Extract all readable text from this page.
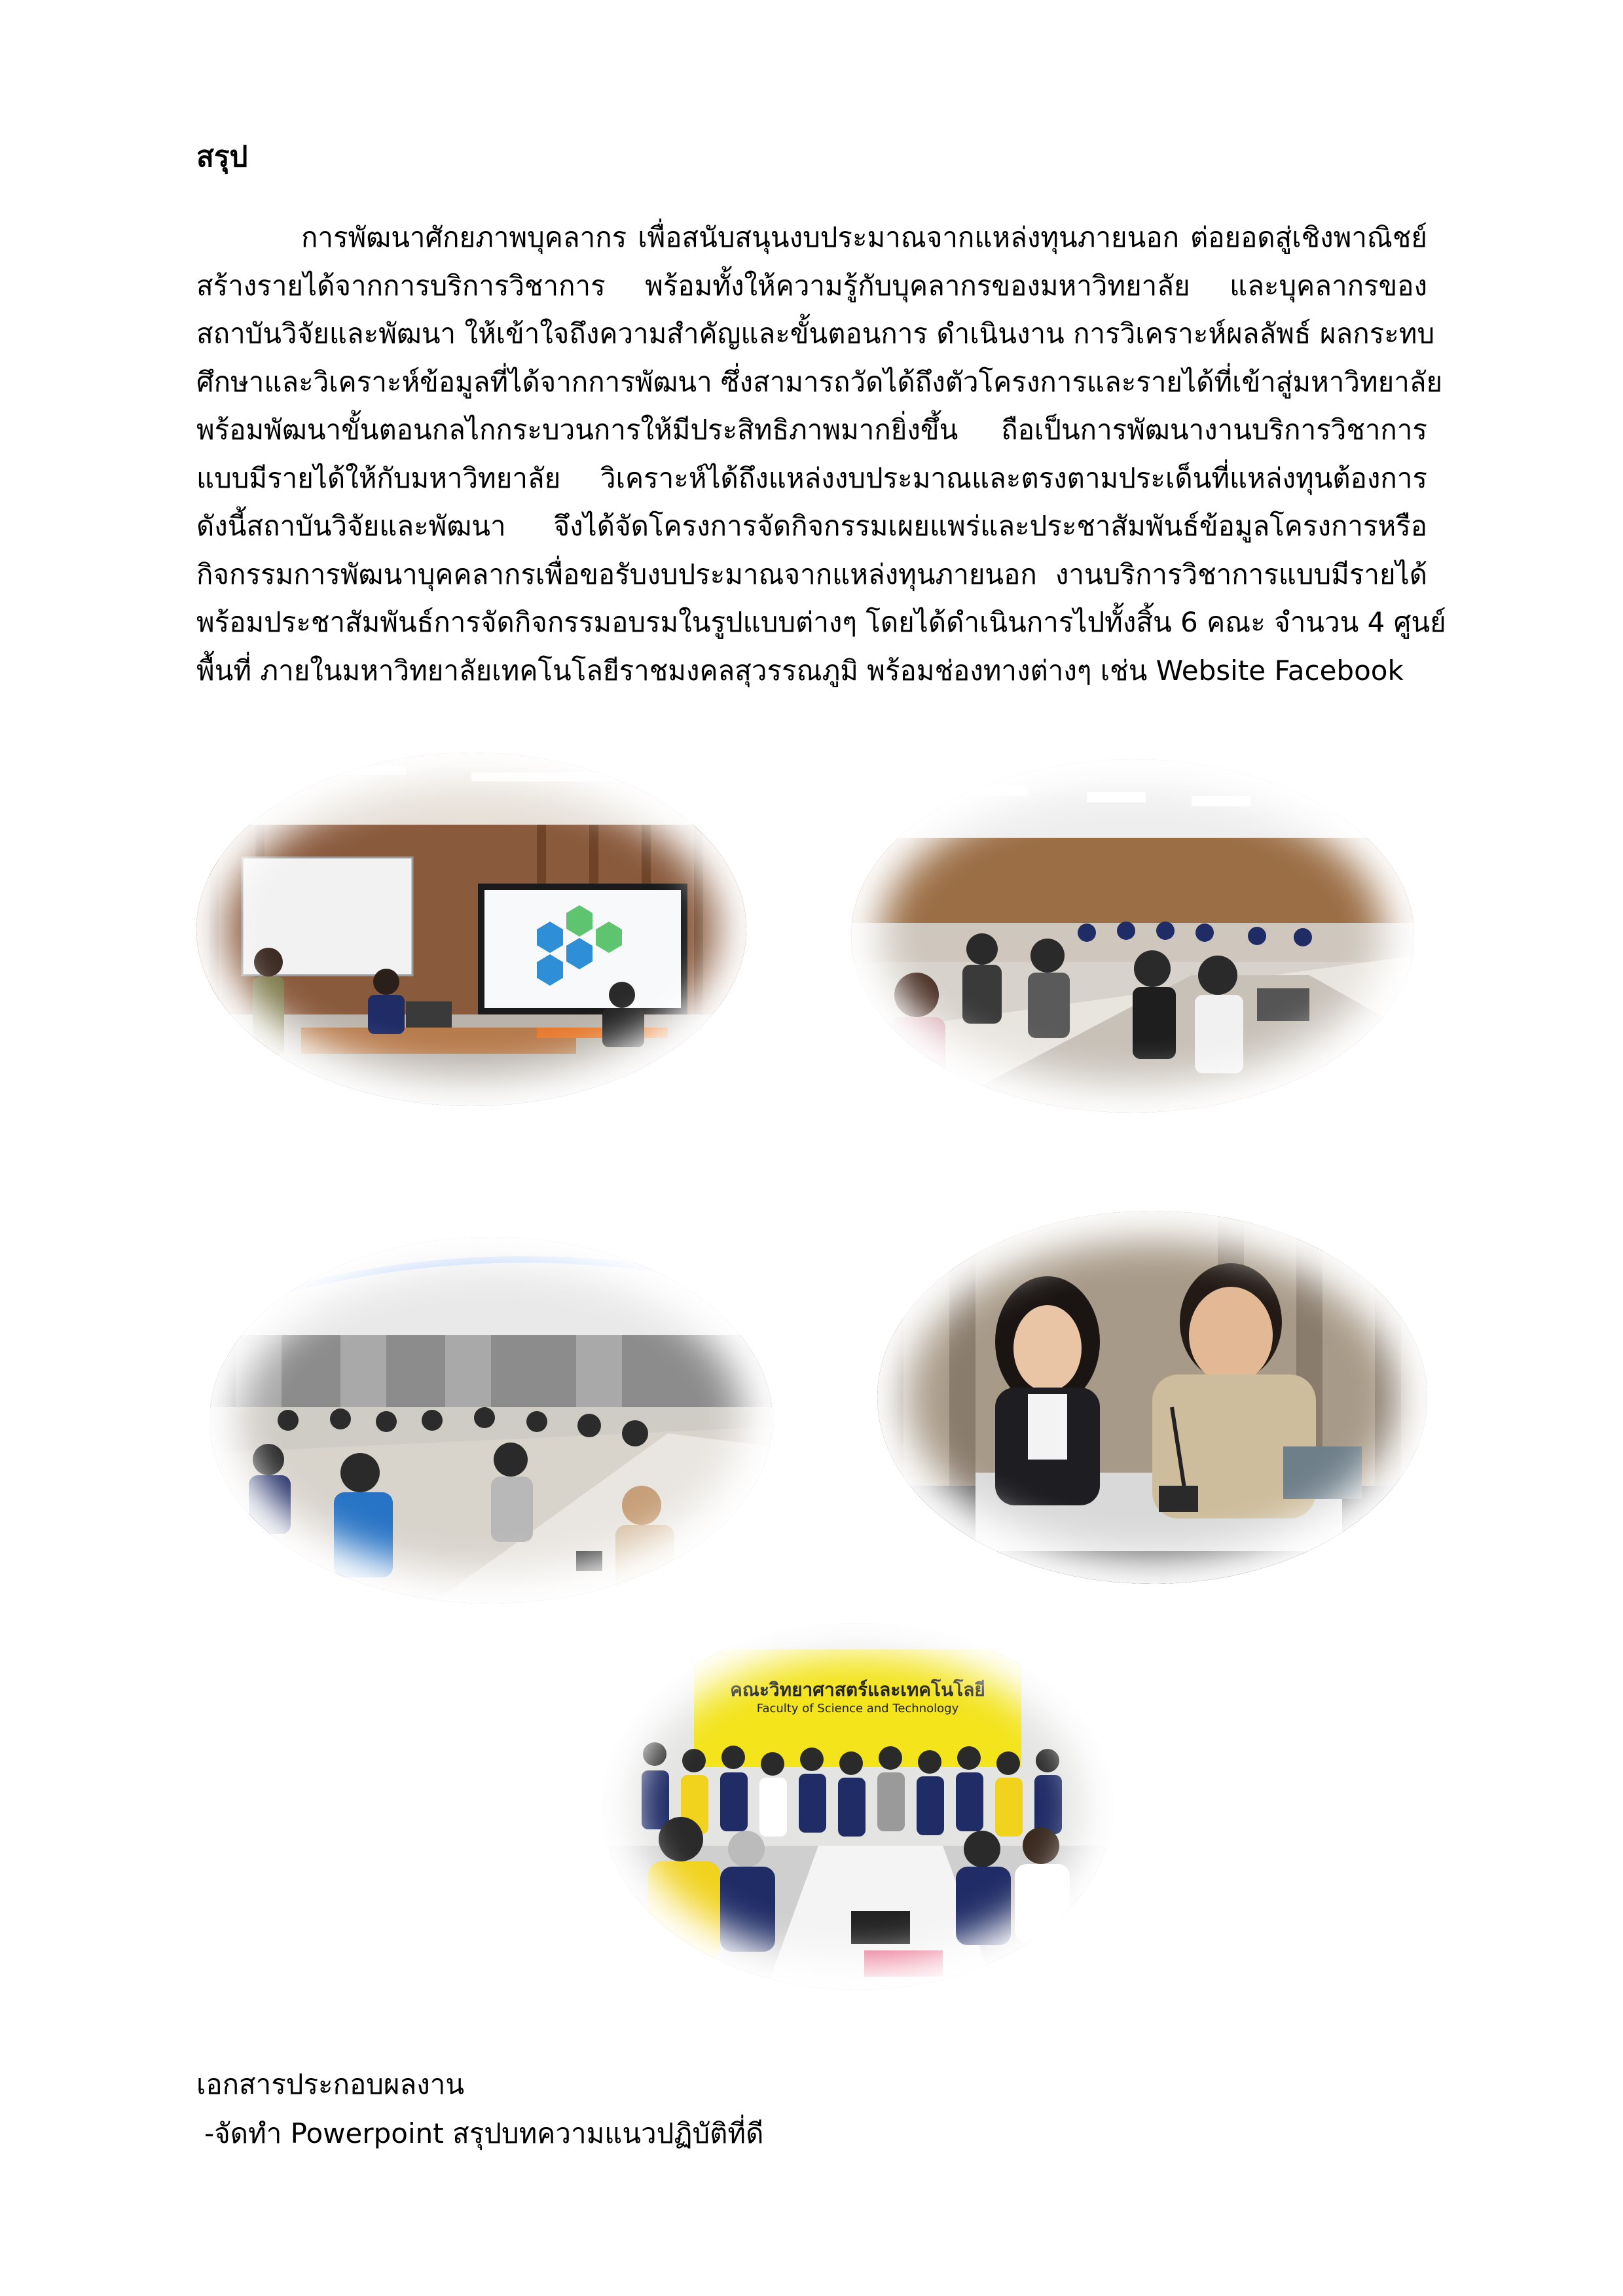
สรุป
การพัฒนาศักยภาพบุคลากร เพื่อสนับสนุนงบประมาณจากแหล่งทุนภายนอก ต่อยอดสู่เชิงพาณิชย์
สร้างรายได้จากการบริการวิชาการ พร้อมทั้งให้ความรู้กับบุคลากรของมหาวิทยาลัย และบุคลากรของ
สถาบันวิจัยและพัฒนา ให้เข้าใจถึงความสำคัญและขั้นตอนการ ดำเนินงาน การวิเคราะห์ผลลัพธ์ ผลกระทบ
ศึกษาและวิเคราะห์ข้อมูลที่ได้จากการพัฒนา ซึ่งสามารถวัดได้ถึงตัวโครงการและรายได้ที่เข้าสู่มหาวิทยาลัย
พร้อมพัฒนาขั้นตอนกลไกกระบวนการให้มีประสิทธิภาพมากยิ่งขึ้น ถือเป็นการพัฒนางานบริการวิชาการ
แบบมีรายได้ให้กับมหาวิทยาลัย วิเคราะห์ได้ถึงแหล่งงบประมาณและตรงตามประเด็นที่แหล่งทุนต้องการ
ดังนี้สถาบันวิจัยและพัฒนา จึงได้จัดโครงการจัดกิจกรรมเผยแพร่และประชาสัมพันธ์ข้อมูลโครงการหรือ
กิจกรรมการพัฒนาบุคคลากรเพื่อขอรับงบประมาณจากแหล่งทุนภายนอก งานบริการวิชาการแบบมีรายได้
พร้อมประชาสัมพันธ์การจัดกิจกรรมอบรมในรูปแบบต่างๆ โดยได้ดำเนินการไปทั้งสิ้น 6 คณะ จำนวน 4 ศูนย์
พื้นที่ ภายในมหาวิทยาลัยเทคโนโลยีราชมงคลสุวรรณภูมิ พร้อมช่องทางต่างๆ เช่น Website Facebook
คณะวิทยาศาสตร์และเทคโนโลยี
Faculty of Science and Technology
เอกสารประกอบผลงาน
-จัดทำ Powerpoint สรุปบทความแนวปฏิบัติที่ดี
